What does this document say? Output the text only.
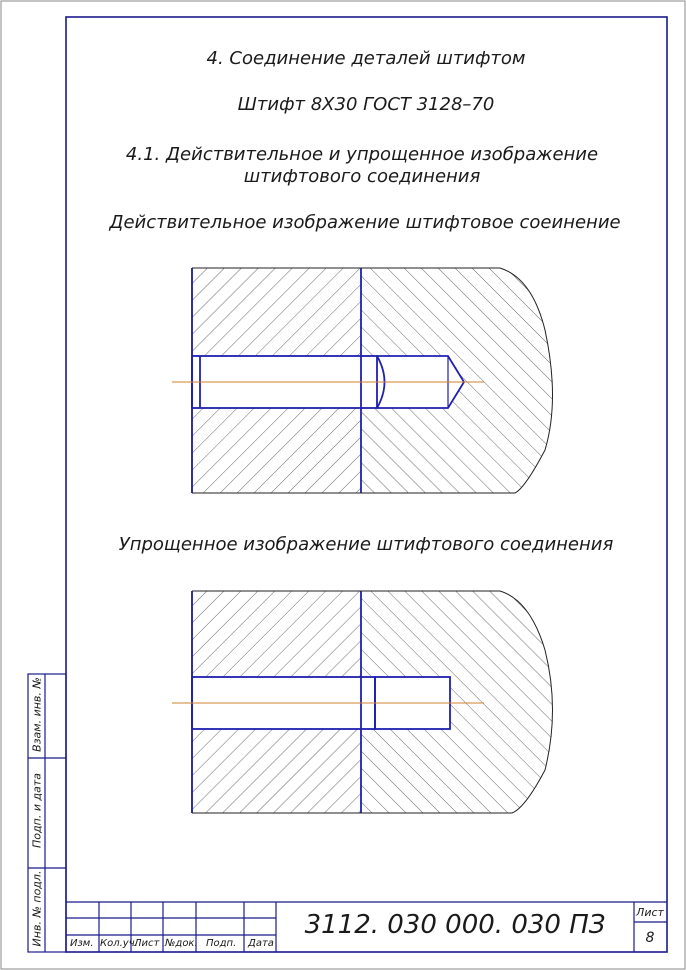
4. Соединение деталей штифтом
Штифт 8Х30 ГОСТ 3128–70
4.1. Действительное и упрощенное изображение
штифтового соединения
Действительное изображение штифтовое соеинение
Упрощенное изображение штифтового соединения
Взам. инв. №
Подп. и дата
Инв. № подл.	Изм. Кол.уч.
Лист №док. Подп. Дата
3112. 030 000. 030 ПЗ	Лист
8
